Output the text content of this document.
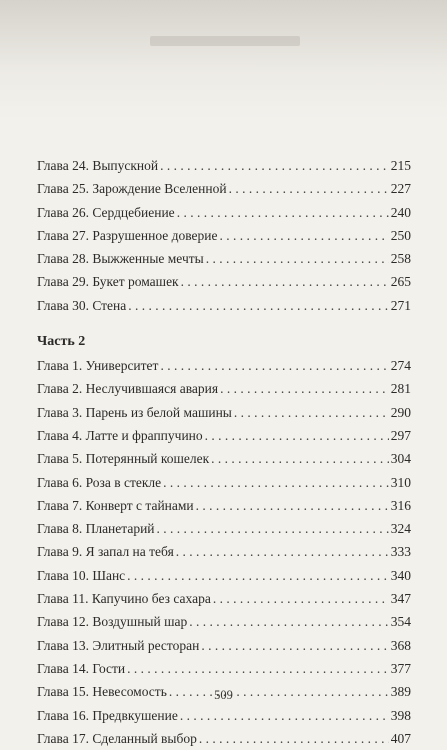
Глава 24. Выпускной . . .	215
Глава 25. Зарождение Вселенной . . .	227
Глава 26. Сердцебиение . . .	240
Глава 27. Разрушенное доверие . . .	250
Глава 28. Выжженные мечты . . .	258
Глава 29. Букет ромашек . . .	265
Глава 30. Стена . . .	271
Часть 2
Глава 1. Университет . . .	274
Глава 2. Неслучившаяся авария . . .	281
Глава 3. Парень из белой машины . . .	290
Глава 4. Латте и фраппучино . . .	297
Глава 5. Потерянный кошелек . . .	304
Глава 6. Роза в стекле . . .	310
Глава 7. Конверт с тайнами . . .	316
Глава 8. Планетарий . . .	324
Глава 9. Я запал на тебя . . .	333
Глава 10. Шанс . . .	340
Глава 11. Капучино без сахара . . .	347
Глава 12. Воздушный шар . . .	354
Глава 13. Элитный ресторан . . .	368
Глава 14. Гости . . .	377
Глава 15. Невесомость . . .	389
Глава 16. Предвкушение . . .	398
Глава 17. Сделанный выбор . . .	407
509
